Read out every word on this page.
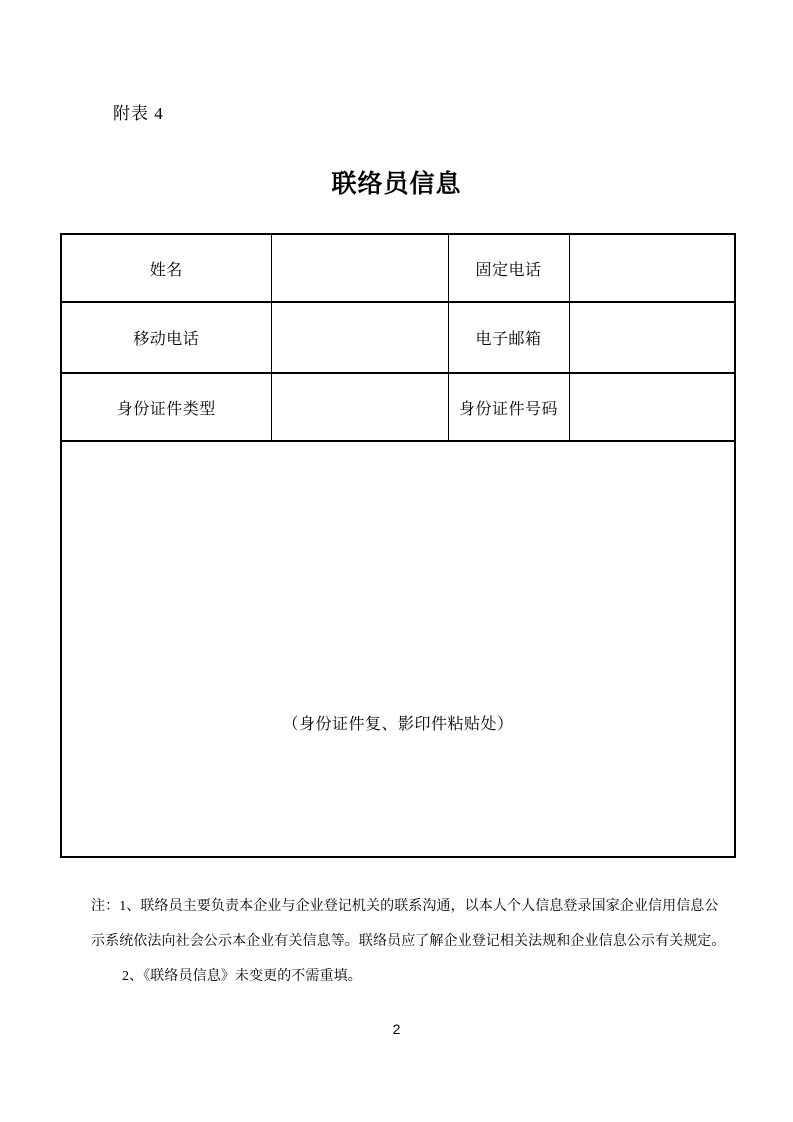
附表 4
联络员信息
姓名		固定电话	
移动电话		电子邮箱	
身份证件类型		身份证件号码	
（身份证件复、影印件粘贴处）			
注：1、联络员主要负责本企业与企业登记机关的联系沟通，以本人个人信息登录国家企业信用信息公
示系统依法向社会公示本企业有关信息等。联络员应了解企业登记相关法规和企业信息公示有关规定。
2、《联络员信息》未变更的不需重填。
2
